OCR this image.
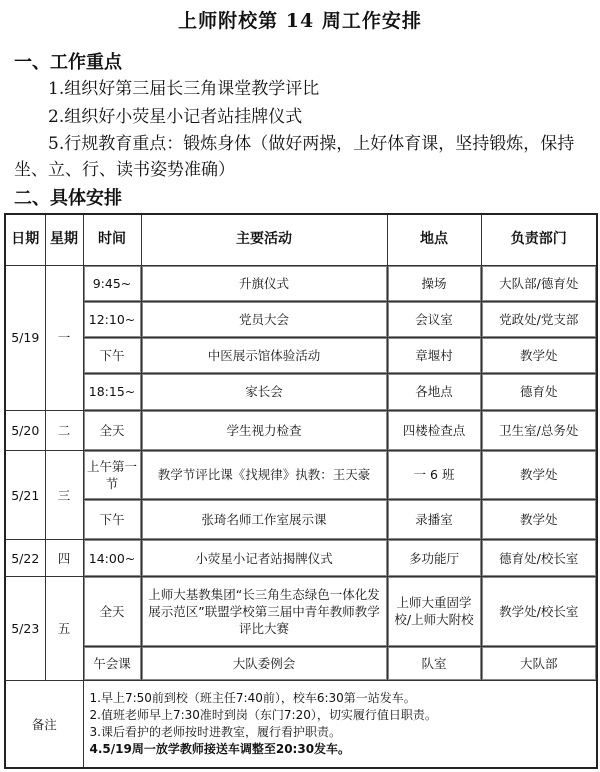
上师附校第 14 周工作安排
一、工作重点
1.组织好第三届长三角课堂教学评比
2.组织好小荧星小记者站挂牌仪式
5.行规教育重点：锻炼身体（做好两操，上好体育课，坚持锻炼，保持坐、立、行、读书姿势准确）
二、具体安排
日期	星期	时间	主要活动	地点	负责部门
5/19	一	9:45~	升旗仪式	操场	大队部/德育处
		12:10~	党员大会	会议室	党政处/党支部
		下午	中医展示馆体验活动	章堰村	教学处
		18:15~	家长会	各地点	德育处
5/20	二	全天	学生视力检查	四楼检查点	卫生室/总务处
5/21	三	上午第一节	教学节评比课《找规律》执教：王天豪	一 6 班	教学处
		下午	张琦名师工作室展示课	录播室	教学处
5/22	四	14:00~	小荧星小记者站揭牌仪式	多功能厅	德育处/校长室
5/23	五	全天	上师大基教集团“长三角生态绿色一体化发展示范区”联盟学校第三届中青年教师教学评比大赛	上师大重固学校/上师大附校	教学处/校长室
		午会课	大队委例会	队室	大队部
备注		1.早上7:50前到校（班主任7:40前），校车6:30第一站发车。
2.值班老师早上7:30准时到岗（东门7:20），切实履行值日职责。
3.课后看护的老师按时进教室，履行看护职责。
4.5/19周一放学教师接送车调整至20:30发车。			
